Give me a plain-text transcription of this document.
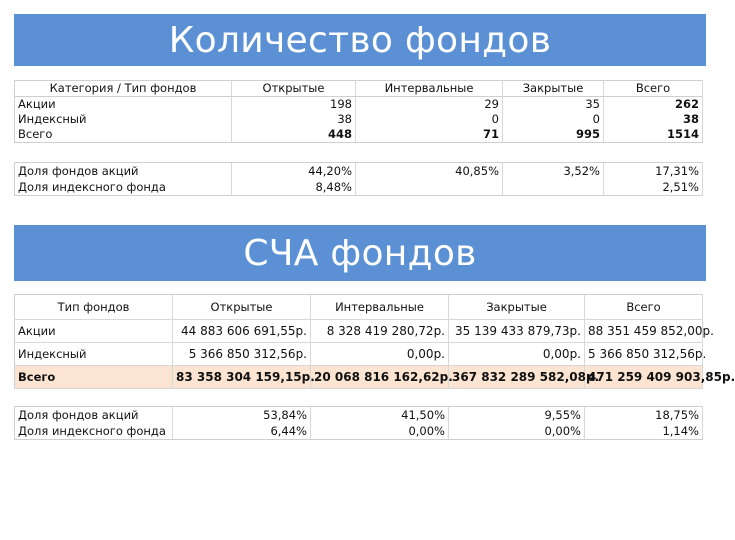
Количество фондов
Категория / Тип фондов	Открытые	Интервальные	Закрытые	Всего
Акции	198	29	35	262
Индексный	38	0	0	38
Всего	448	71	995	1514
Доля фондов акций	44,20%	40,85%	3,52%	17,31%
Доля индексного фонда	8,48%			2,51%
СЧА фондов
Тип фондов	Открытые	Интервальные	Закрытые	Всего
Акции	44 883 606 691,55р.	8 328 419 280,72р.	35 139 433 879,73р.	88 351 459 852,00р.
Индексный	5 366 850 312,56р.	0,00р.	0,00р.	5 366 850 312,56р.
Всего	83 358 304 159,15р.	20 068 816 162,62р.	367 832 289 582,08р.	471 259 409 903,85р.
Доля фондов акций	53,84%	41,50%	9,55%	18,75%
Доля индексного фонда	6,44%	0,00%	0,00%	1,14%
